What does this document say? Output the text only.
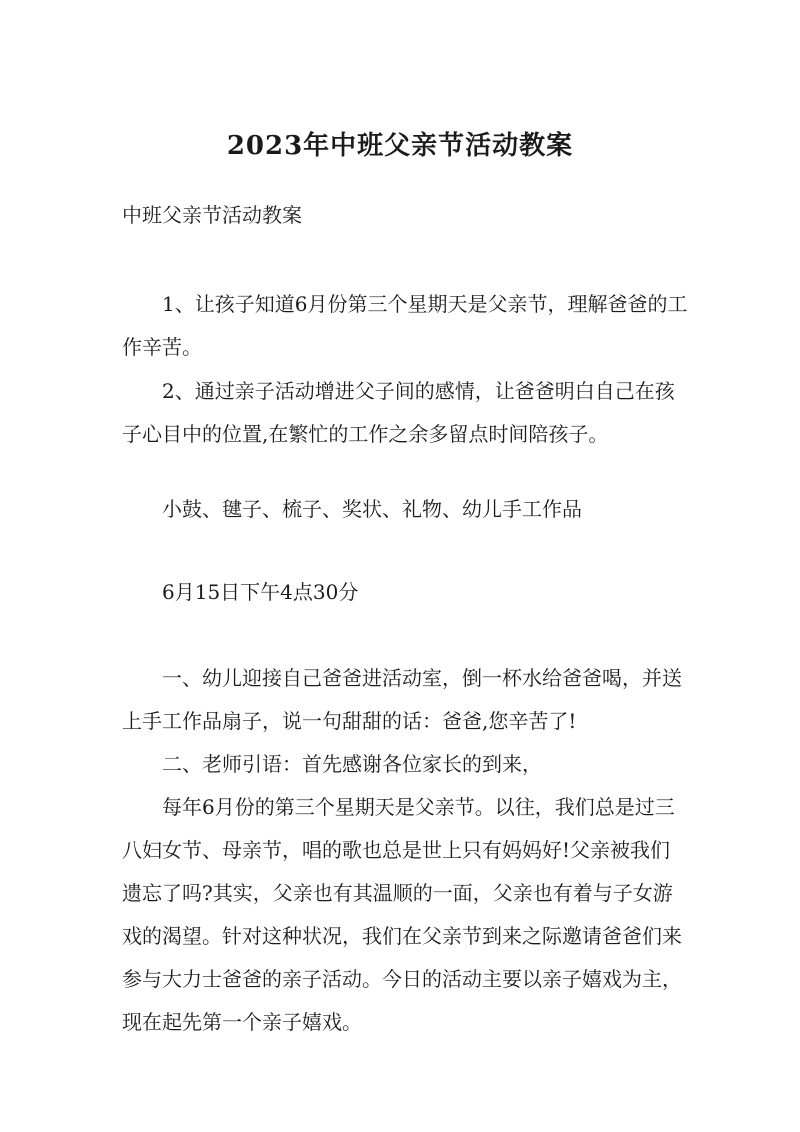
2023年中班父亲节活动教案

中班父亲节活动教案

1、让孩子知道6月份第三个星期天是父亲节，理解爸爸的工作辛苦。

2、通过亲子活动增进父子间的感情，让爸爸明白自己在孩子心目中的位置,在繁忙的工作之余多留点时间陪孩子。

小鼓、毽子、梳子、奖状、礼物、幼儿手工作品

6月15日下午4点30分

一、幼儿迎接自己爸爸进活动室，倒一杯水给爸爸喝，并送上手工作品扇子，说一句甜甜的话：爸爸,您辛苦了!

二、老师引语：首先感谢各位家长的到来，

每年6月份的第三个星期天是父亲节。以往，我们总是过三八妇女节、母亲节，唱的歌也总是世上只有妈妈好!父亲被我们遗忘了吗?其实，父亲也有其温顺的一面，父亲也有着与子女游戏的渴望。针对这种状况，我们在父亲节到来之际邀请爸爸们来参与大力士爸爸的亲子活动。今日的活动主要以亲子嬉戏为主，现在起先第一个亲子嬉戏。
